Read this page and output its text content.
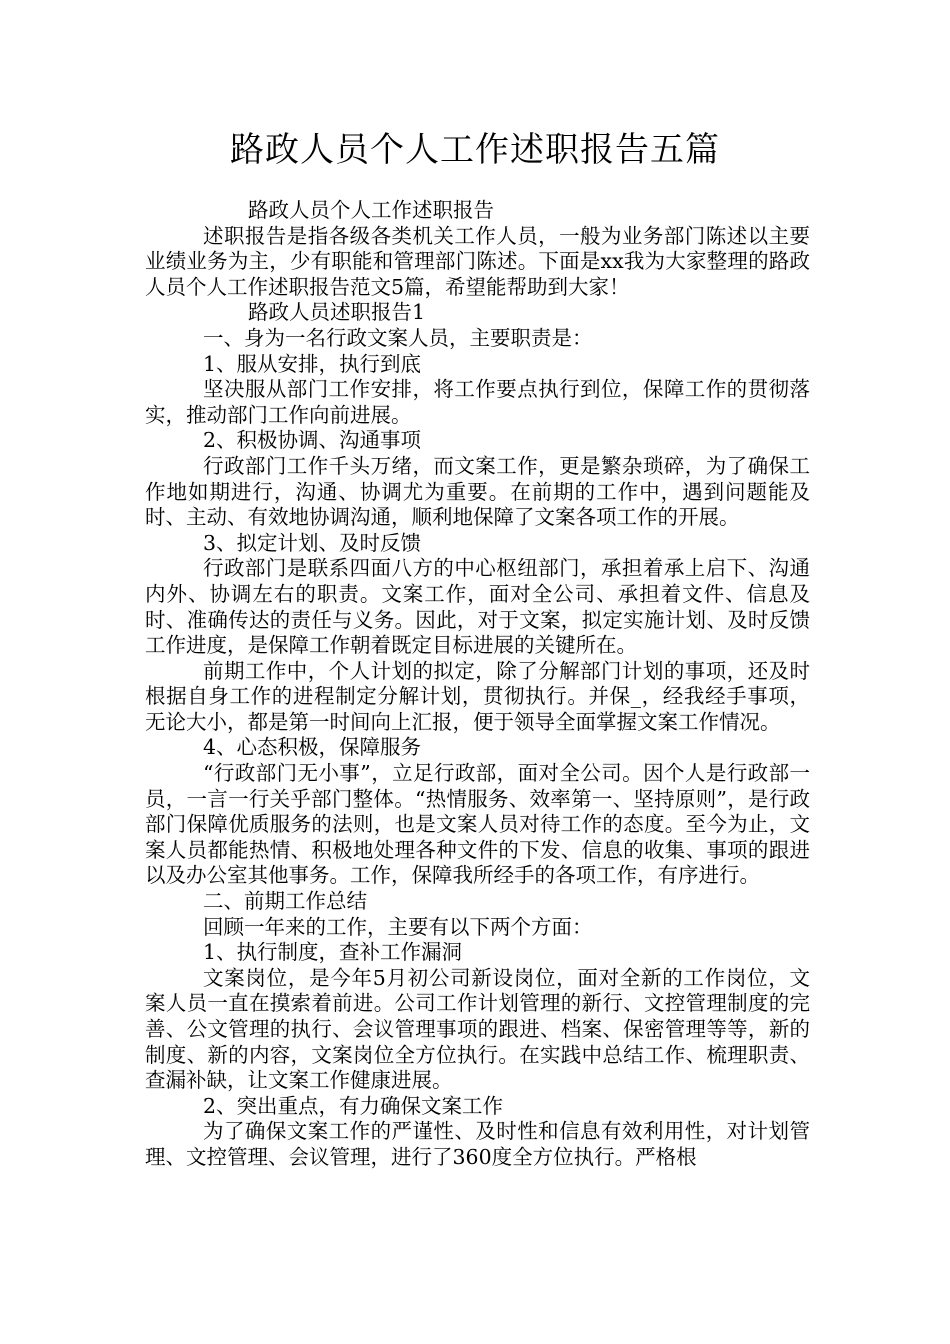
路政人员个人工作述职报告五篇

路政人员个人工作述职报告

述职报告是指各级各类机关工作人员，一般为业务部门陈述以主要业绩业务为主，少有职能和管理部门陈述。下面是xx我为大家整理的路政人员个人工作述职报告范文5篇，希望能帮助到大家！

路政人员述职报告1

一、身为一名行政文案人员，主要职责是：

1、服从安排，执行到底

坚决服从部门工作安排，将工作要点执行到位，保障工作的贯彻落实，推动部门工作向前进展。

2、积极协调、沟通事项

行政部门工作千头万绪，而文案工作，更是繁杂琐碎，为了确保工作地如期进行，沟通、协调尤为重要。在前期的工作中，遇到问题能及时、主动、有效地协调沟通，顺利地保障了文案各项工作的开展。

3、拟定计划、及时反馈

行政部门是联系四面八方的中心枢纽部门，承担着承上启下、沟通内外、协调左右的职责。文案工作，面对全公司、承担着文件、信息及时、准确传达的责任与义务。因此，对于文案，拟定实施计划、及时反馈工作进度，是保障工作朝着既定目标进展的关键所在。

前期工作中，个人计划的拟定，除了分解部门计划的事项，还及时根据自身工作的进程制定分解计划，贯彻执行。并保_，经我经手事项，无论大小，都是第一时间向上汇报，便于领导全面掌握文案工作情况。

4、心态积极，保障服务

“行政部门无小事”，立足行政部，面对全公司。因个人是行政部一员，一言一行关乎部门整体。“热情服务、效率第一、坚持原则”，是行政部门保障优质服务的法则，也是文案人员对待工作的态度。至今为止，文案人员都能热情、积极地处理各种文件的下发、信息的收集、事项的跟进以及办公室其他事务。工作，保障我所经手的各项工作，有序进行。

二、前期工作总结

回顾一年来的工作，主要有以下两个方面：

1、执行制度，查补工作漏洞

文案岗位，是今年5月初公司新设岗位，面对全新的工作岗位，文案人员一直在摸索着前进。公司工作计划管理的新行、文控管理制度的完善、公文管理的执行、会议管理事项的跟进、档案、保密管理等等，新的制度、新的内容，文案岗位全方位执行。在实践中总结工作、梳理职责、查漏补缺，让文案工作健康进展。

2、突出重点，有力确保文案工作

为了确保文案工作的严谨性、及时性和信息有效利用性，对计划管理、文控管理、会议管理，进行了360度全方位执行。严格根
